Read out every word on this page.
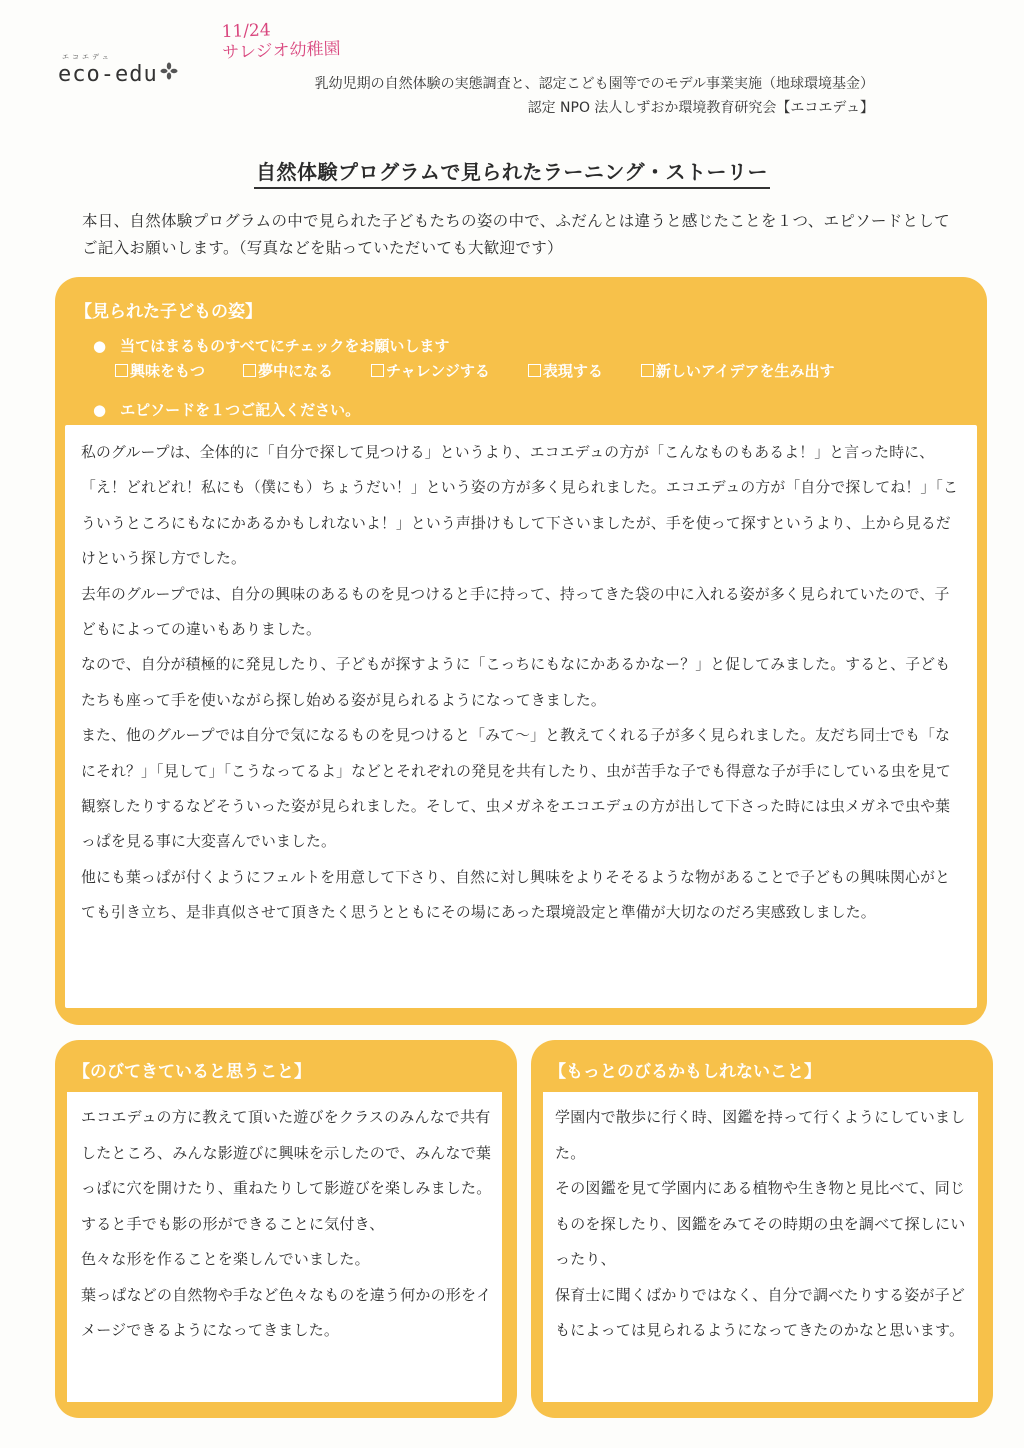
エコエデュ
eco-edu
11/24
サレジオ幼稚園
乳幼児期の自然体験の実態調査と、認定こども園等でのモデル事業実施（地球環境基金）
認定 NPO 法人しずおか環境教育研究会【エコエデュ】
自然体験プログラムで見られたラーニング・ストーリー
本日、自然体験プログラムの中で見られた子どもたちの姿の中で、ふだんとは違うと感じたことを１つ、エピソードとしてご記入お願いします。（写真などを貼っていただいても大歓迎です）
【見られた子どもの姿】
● 当てはまるものすべてにチェックをお願いします
興味をもつ	夢中になる	チャレンジする	表現する	新しいアイデアを生み出す
● エピソードを１つご記入ください。

私のグループは、全体的に「自分で探して見つける」というより、エコエデュの方が「こんなものもあるよ！」と言った時に、「え！どれどれ！私にも（僕にも）ちょうだい！」という姿の方が多く見られました。エコエデュの方が「自分で探してね！」「こういうところにもなにかあるかもしれないよ！」という声掛けもして下さいましたが、手を使って探すというより、上から見るだけという探し方でした。
去年のグループでは、自分の興味のあるものを見つけると手に持って、持ってきた袋の中に入れる姿が多く見られていたので、子どもによっての違いもありました。
なので、自分が積極的に発見したり、子どもが探すように「こっちにもなにかあるかなー？」と促してみました。すると、子どもたちも座って手を使いながら探し始める姿が見られるようになってきました。
また、他のグループでは自分で気になるものを見つけると「みて～」と教えてくれる子が多く見られました。友だち同士でも「なにそれ？」「見して」「こうなってるよ」などとそれぞれの発見を共有したり、虫が苦手な子でも得意な子が手にしている虫を見て観察したりするなどそういった姿が見られました。そして、虫メガネをエコエデュの方が出して下さった時には虫メガネで虫や葉っぱを見る事に大変喜んでいました。
他にも葉っぱが付くようにフェルトを用意して下さり、自然に対し興味をよりそそるような物があることで子どもの興味関心がとても引き立ち、是非真似させて頂きたく思うとともにその場にあった環境設定と準備が大切なのだろ実感致しました。

【のびてきていると思うこと】

エコエデュの方に教えて頂いた遊びをクラスのみんなで共有したところ、みんな影遊びに興味を示したので、みんなで葉っぱに穴を開けたり、重ねたりして影遊びを楽しみました。
すると手でも影の形ができることに気付き、
色々な形を作ることを楽しんでいました。
葉っぱなどの自然物や手など色々なものを違う何かの形をイメージできるようになってきました。

【もっとのびるかもしれないこと】

学園内で散歩に行く時、図鑑を持って行くようにしていました。
その図鑑を見て学園内にある植物や生き物と見比べて、同じものを探したり、図鑑をみてその時期の虫を調べて探しにいったり、
保育士に聞くばかりではなく、自分で調べたりする姿が子どもによっては見られるようになってきたのかなと思います。
